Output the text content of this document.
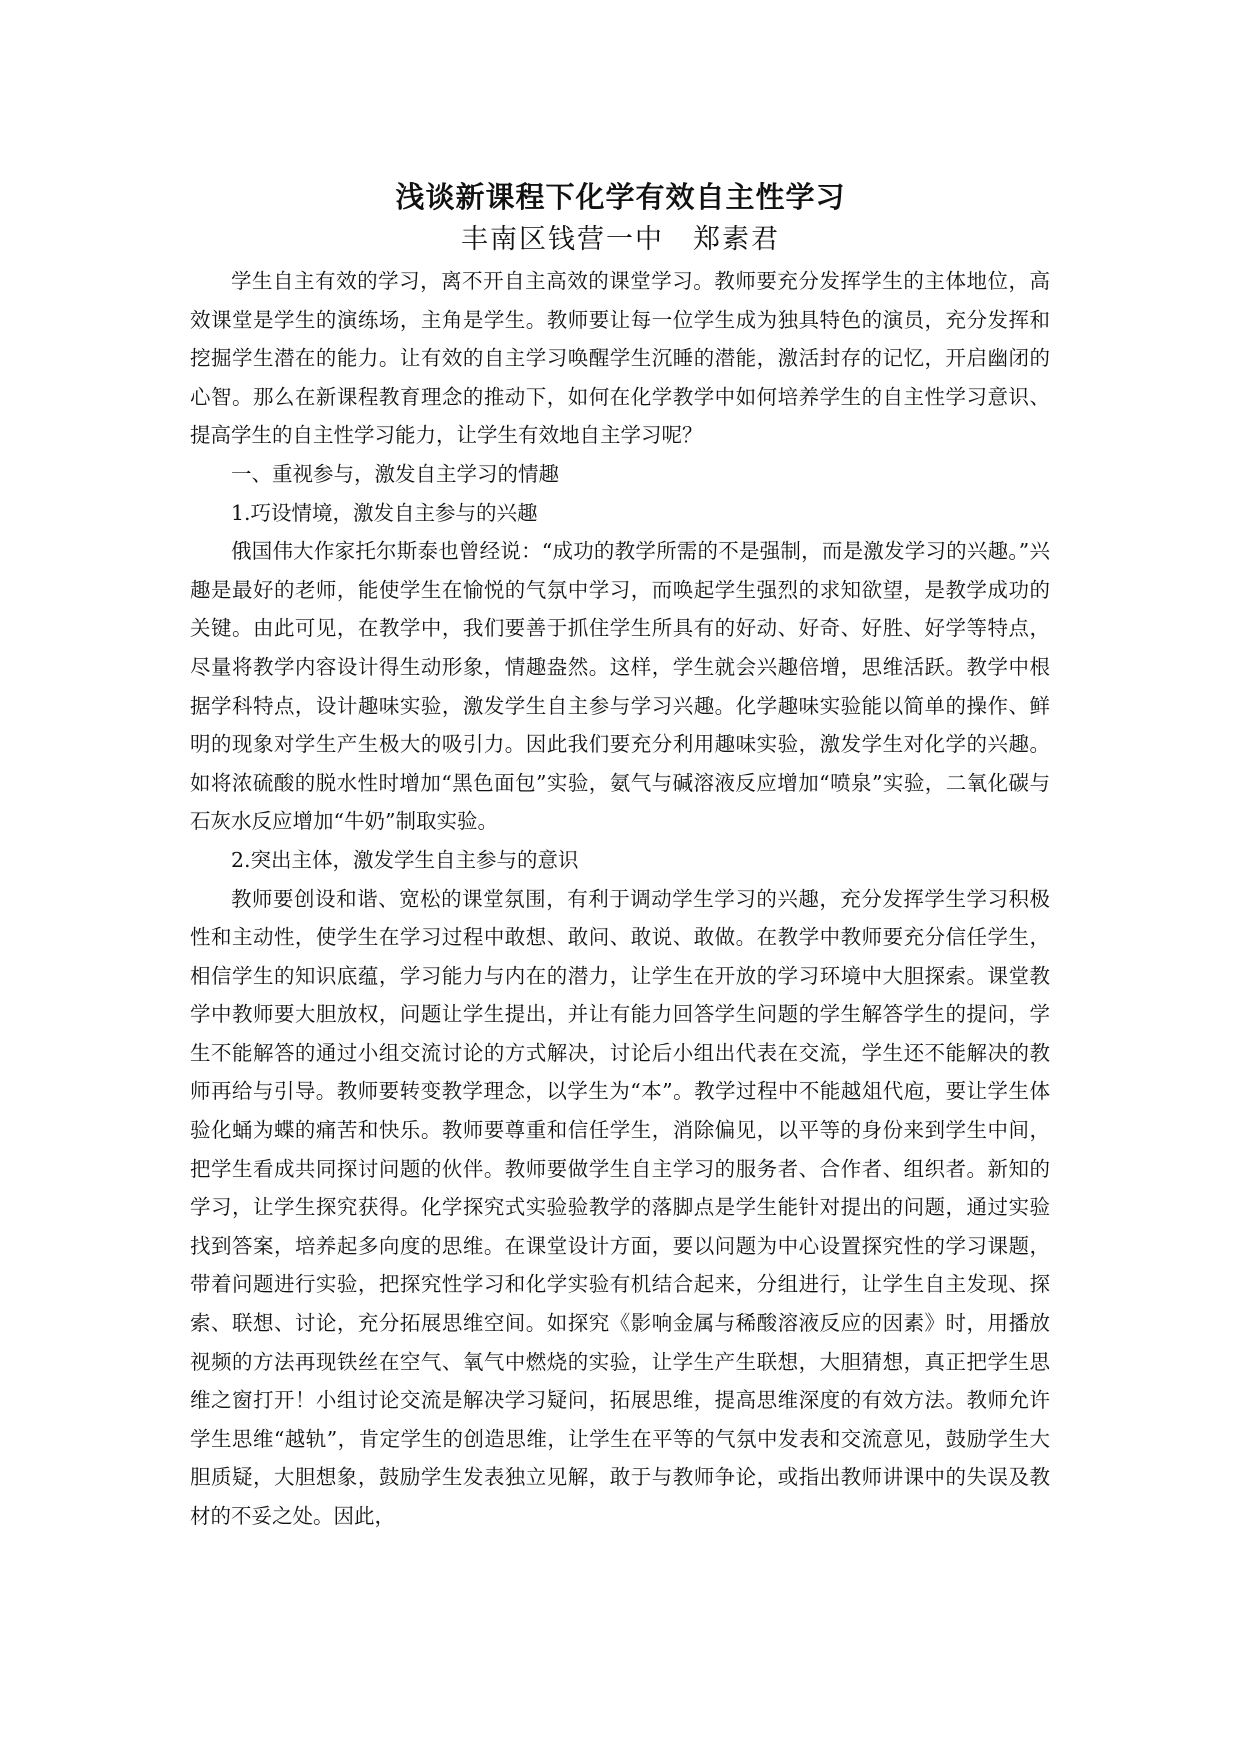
浅谈新课程下化学有效自主性学习
丰南区钱营一中　郑素君

学生自主有效的学习，离不开自主高效的课堂学习。教师要充分发挥学生的主体地位，高效课堂是学生的演练场，主角是学生。教师要让每一位学生成为独具特色的演员，充分发挥和挖掘学生潜在的能力。让有效的自主学习唤醒学生沉睡的潜能，激活封存的记忆，开启幽闭的心智。那么在新课程教育理念的推动下，如何在化学教学中如何培养学生的自主性学习意识、提高学生的自主性学习能力，让学生有效地自主学习呢？

一、重视参与，激发自主学习的情趣

1.巧设情境，激发自主参与的兴趣

俄国伟大作家托尔斯泰也曾经说：“成功的教学所需的不是强制，而是激发学习的兴趣。”兴趣是最好的老师，能使学生在愉悦的气氛中学习，而唤起学生强烈的求知欲望，是教学成功的关键。由此可见，在教学中，我们要善于抓住学生所具有的好动、好奇、好胜、好学等特点，尽量将教学内容设计得生动形象，情趣盎然。这样，学生就会兴趣倍增，思维活跃。教学中根据学科特点，设计趣味实验，激发学生自主参与学习兴趣。化学趣味实验能以简单的操作、鲜明的现象对学生产生极大的吸引力。因此我们要充分利用趣味实验，激发学生对化学的兴趣。如将浓硫酸的脱水性时增加“黑色面包”实验，氨气与碱溶液反应增加“喷泉”实验，二氧化碳与石灰水反应增加“牛奶”制取实验。

2.突出主体，激发学生自主参与的意识

教师要创设和谐、宽松的课堂氛围，有利于调动学生学习的兴趣，充分发挥学生学习积极性和主动性，使学生在学习过程中敢想、敢问、敢说、敢做。在教学中教师要充分信任学生，相信学生的知识底蕴，学习能力与内在的潜力，让学生在开放的学习环境中大胆探索。课堂教学中教师要大胆放权，问题让学生提出，并让有能力回答学生问题的学生解答学生的提问，学生不能解答的通过小组交流讨论的方式解决，讨论后小组出代表在交流，学生还不能解决的教师再给与引导。教师要转变教学理念，以学生为“本”。教学过程中不能越俎代庖，要让学生体验化蛹为蝶的痛苦和快乐。教师要尊重和信任学生，消除偏见，以平等的身份来到学生中间，把学生看成共同探讨问题的伙伴。教师要做学生自主学习的服务者、合作者、组织者。新知的学习，让学生探究获得。化学探究式实验验教学的落脚点是学生能针对提出的问题，通过实验找到答案，培养起多向度的思维。在课堂设计方面，要以问题为中心设置探究性的学习课题，带着问题进行实验，把探究性学习和化学实验有机结合起来，分组进行，让学生自主发现、探索、联想、讨论，充分拓展思维空间。如探究《影响金属与稀酸溶液反应的因素》时，用播放视频的方法再现铁丝在空气、氧气中燃烧的实验，让学生产生联想，大胆猜想，真正把学生思维之窗打开！小组讨论交流是解决学习疑问，拓展思维，提高思维深度的有效方法。教师允许学生思维“越轨”，肯定学生的创造思维，让学生在平等的气氛中发表和交流意见，鼓励学生大胆质疑，大胆想象，鼓励学生发表独立见解，敢于与教师争论，或指出教师讲课中的失误及教材的不妥之处。因此，
